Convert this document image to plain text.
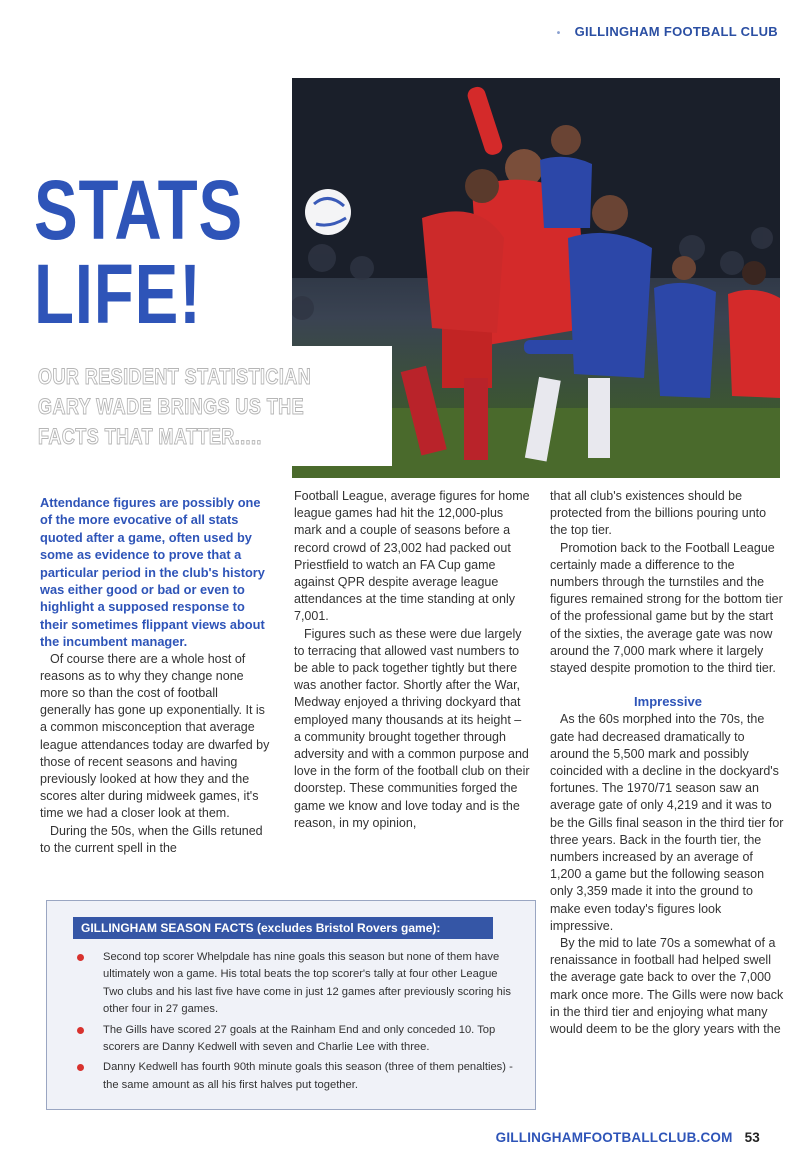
• GILLINGHAM FOOTBALL CLUB
STATS
LIFE!

OUR RESIDENT STATISTICIAN GARY WADE BRINGS US THE FACTS THAT MATTER.....

Attendance figures are possibly one of the more evocative of all stats quoted after a game, often used by some as evidence to prove that a particular period in the club's history was either good or bad or even to highlight a supposed response to their sometimes flippant views about the incumbent manager.

Of course there are a whole host of reasons as to why they change none more so than the cost of football generally has gone up exponentially. It is a common misconception that average league attendances today are dwarfed by those of recent seasons and having previously looked at how they and the scores alter during midweek games, it's time we had a closer look at them.

During the 50s, when the Gills retuned to the current spell in the

Football League, average figures for home league games had hit the 12,000-plus mark and a couple of seasons before a record crowd of 23,002 had packed out Priestfield to watch an FA Cup game against QPR despite average league attendances at the time standing at only 7,001.

Figures such as these were due largely to terracing that allowed vast numbers to be able to pack together tightly but there was another factor. Shortly after the War, Medway enjoyed a thriving dockyard that employed many thousands at its height – a community brought together through adversity and with a common purpose and love in the form of the football club on their doorstep. These communities forged the game we know and love today and is the reason, in my opinion,

that all club's existences should be protected from the billions pouring unto the top tier.

Promotion back to the Football League certainly made a difference to the numbers through the turnstiles and the figures remained strong for the bottom tier of the professional game but by the start of the sixties, the average gate was now around the 7,000 mark where it largely stayed despite promotion to the third tier.

Impressive

As the 60s morphed into the 70s, the gate had decreased dramatically to around the 5,500 mark and possibly coincided with a decline in the dockyard's fortunes. The 1970/71 season saw an average gate of only 4,219 and it was to be the Gills final season in the third tier for three years. Back in the fourth tier, the numbers increased by an average of 1,200 a game but the following season only 3,359 made it into the ground to make even today's figures look impressive.

By the mid to late 70s a somewhat of a renaissance in football had helped swell the average gate back to over the 7,000 mark once more. The Gills were now back in the third tier and enjoying what many would deem to be the glory years with the

GILLINGHAM SEASON FACTS (excludes Bristol Rovers game):
Second top scorer Whelpdale has nine goals this season but none of them have ultimately won a game. His total beats the top scorer's tally at four other League Two clubs and his last five have come in just 12 games after previously scoring his other four in 27 games.
The Gills have scored 27 goals at the Rainham End and only conceded 10. Top scorers are Danny Kedwell with seven and Charlie Lee with three.
Danny Kedwell has fourth 90th minute goals this season (three of them penalties) - the same amount as all his first halves put together.
GILLINGHAMFOOTBALLCLUB.COM 53
